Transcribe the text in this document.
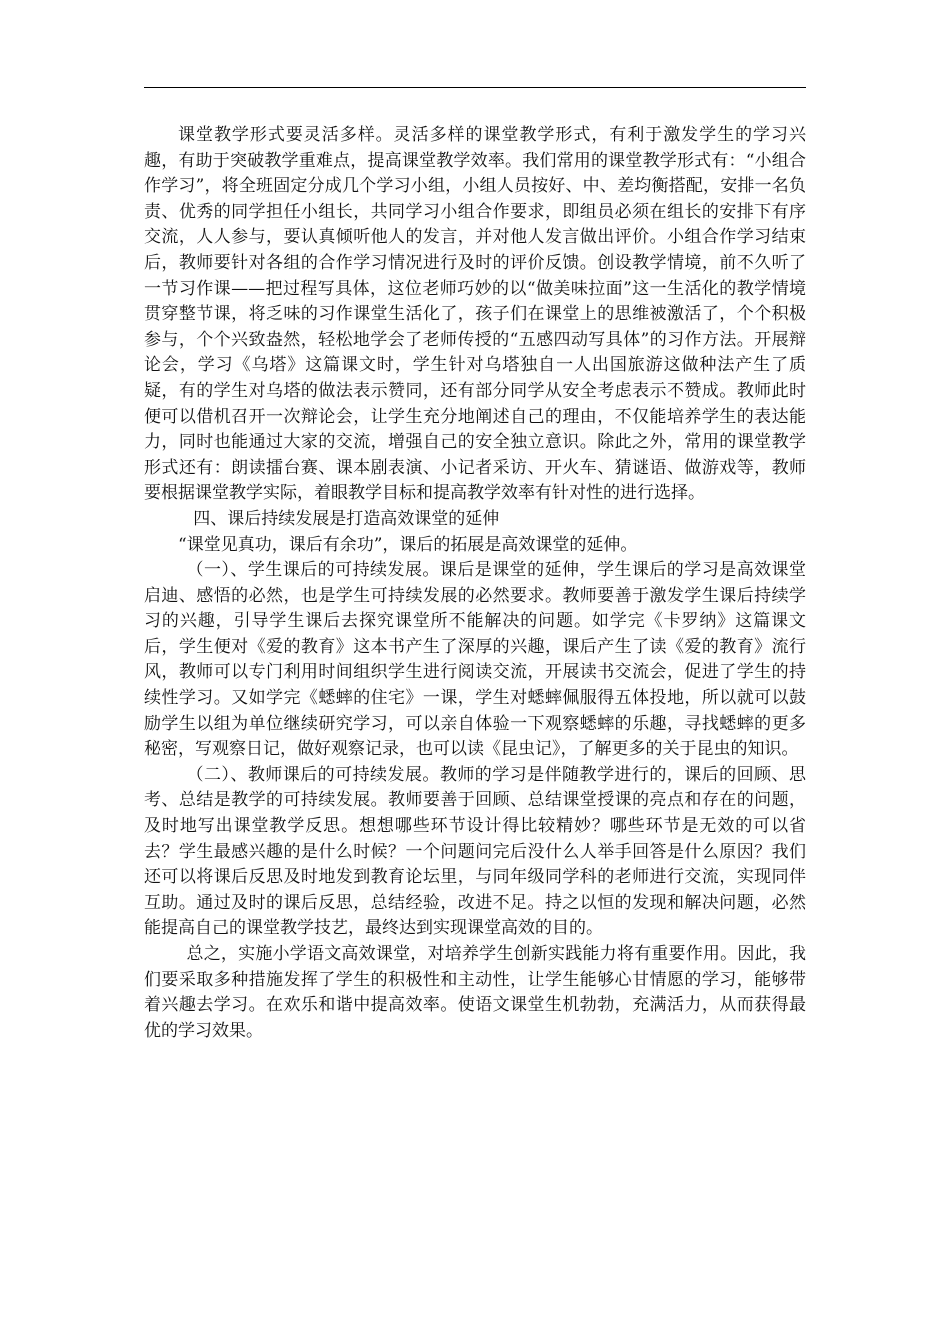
课堂教学形式要灵活多样。灵活多样的课堂教学形式，有利于激发学生的学习兴趣，有助于突破教学重难点，提高课堂教学效率。我们常用的课堂教学形式有：“小组合作学习”，将全班固定分成几个学习小组，小组人员按好、中、差均衡搭配，安排一名负责、优秀的同学担任小组长，共同学习小组合作要求，即组员必须在组长的安排下有序交流，人人参与，要认真倾听他人的发言，并对他人发言做出评价。小组合作学习结束后，教师要针对各组的合作学习情况进行及时的评价反馈。创设教学情境，前不久听了一节习作课——把过程写具体，这位老师巧妙的以“做美味拉面”这一生活化的教学情境贯穿整节课，将乏味的习作课堂生活化了，孩子们在课堂上的思维被激活了，个个积极参与，个个兴致盎然，轻松地学会了老师传授的“五感四动写具体”的习作方法。开展辩论会，学习《乌塔》这篇课文时，学生针对乌塔独自一人出国旅游这做种法产生了质疑，有的学生对乌塔的做法表示赞同，还有部分同学从安全考虑表示不赞成。教师此时便可以借机召开一次辩论会，让学生充分地阐述自己的理由，不仅能培养学生的表达能力，同时也能通过大家的交流，增强自己的安全独立意识。除此之外，常用的课堂教学形式还有：朗读擂台赛、课本剧表演、小记者采访、开火车、猜谜语、做游戏等，教师要根据课堂教学实际，着眼教学目标和提高教学效率有针对性的进行选择。

四、课后持续发展是打造高效课堂的延伸

“课堂见真功，课后有余功”，课后的拓展是高效课堂的延伸。

（一）、学生课后的可持续发展。课后是课堂的延伸，学生课后的学习是高效课堂启迪、感悟的必然，也是学生可持续发展的必然要求。教师要善于激发学生课后持续学习的兴趣，引导学生课后去探究课堂所不能解决的问题。如学完《卡罗纳》这篇课文后，学生便对《爱的教育》这本书产生了深厚的兴趣，课后产生了读《爱的教育》流行风，教师可以专门利用时间组织学生进行阅读交流，开展读书交流会，促进了学生的持续性学习。又如学完《蟋蟀的住宅》一课，学生对蟋蟀佩服得五体投地，所以就可以鼓励学生以组为单位继续研究学习，可以亲自体验一下观察蟋蟀的乐趣，寻找蟋蟀的更多秘密，写观察日记，做好观察记录，也可以读《昆虫记》，了解更多的关于昆虫的知识。

（二）、教师课后的可持续发展。教师的学习是伴随教学进行的，课后的回顾、思考、总结是教学的可持续发展。教师要善于回顾、总结课堂授课的亮点和存在的问题，及时地写出课堂教学反思。想想哪些环节设计得比较精妙？哪些环节是无效的可以省去？学生最感兴趣的是什么时候？一个问题问完后没什么人举手回答是什么原因？我们还可以将课后反思及时地发到教育论坛里，与同年级同学科的老师进行交流，实现同伴互助。通过及时的课后反思，总结经验，改进不足。持之以恒的发现和解决问题，必然能提高自己的课堂教学技艺，最终达到实现课堂高效的目的。

总之，实施小学语文高效课堂，对培养学生创新实践能力将有重要作用。因此，我们要采取多种措施发挥了学生的积极性和主动性，让学生能够心甘情愿的学习，能够带着兴趣去学习。在欢乐和谐中提高效率。使语文课堂生机勃勃，充满活力，从而获得最优的学习效果。
